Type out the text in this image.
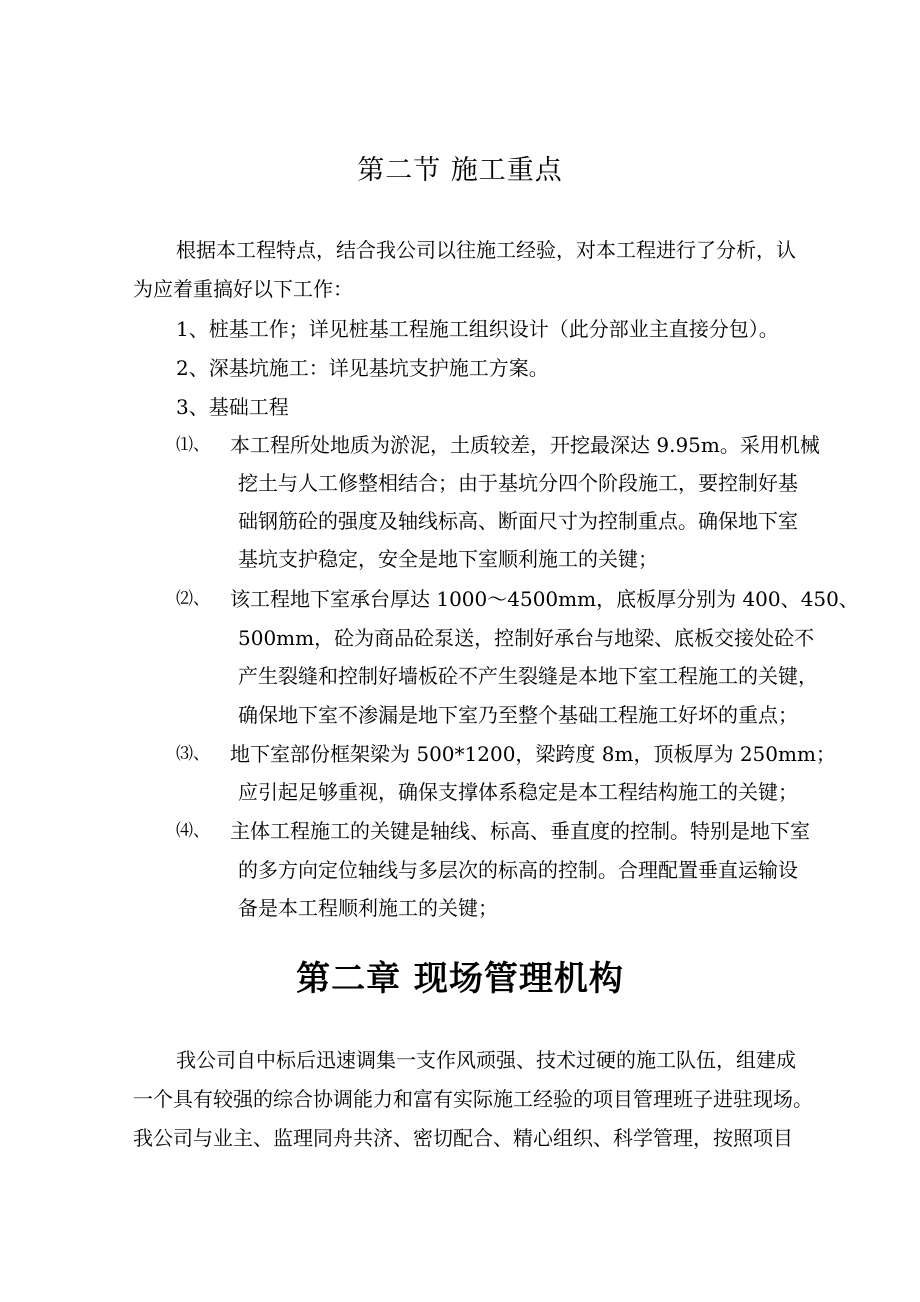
第二节 施工重点
根据本工程特点，结合我公司以往施工经验，对本工程进行了分析，认
为应着重搞好以下工作：
1、桩基工作；详见桩基工程施工组织设计（此分部业主直接分包）。
2、深基坑施工：详见基坑支护施工方案。
3、基础工程
⑴、 本工程所处地质为淤泥，土质较差，开挖最深达 9.95m。采用机械
挖土与人工修整相结合；由于基坑分四个阶段施工，要控制好基
础钢筋砼的强度及轴线标高、断面尺寸为控制重点。确保地下室
基坑支护稳定，安全是地下室顺利施工的关键；
⑵、 该工程地下室承台厚达 1000～4500mm，底板厚分别为 400、450、
500mm，砼为商品砼泵送，控制好承台与地梁、底板交接处砼不
产生裂缝和控制好墙板砼不产生裂缝是本地下室工程施工的关键，
确保地下室不渗漏是地下室乃至整个基础工程施工好坏的重点；
⑶、 地下室部份框架梁为 500*1200，梁跨度 8m，顶板厚为 250mm；
应引起足够重视，确保支撑体系稳定是本工程结构施工的关键；
⑷、 主体工程施工的关键是轴线、标高、垂直度的控制。特别是地下室
的多方向定位轴线与多层次的标高的控制。合理配置垂直运输设
备是本工程顺利施工的关键；
第二章 现场管理机构
我公司自中标后迅速调集一支作风顽强、技术过硬的施工队伍，组建成
一个具有较强的综合协调能力和富有实际施工经验的项目管理班子进驻现场。
我公司与业主、监理同舟共济、密切配合、精心组织、科学管理，按照项目
